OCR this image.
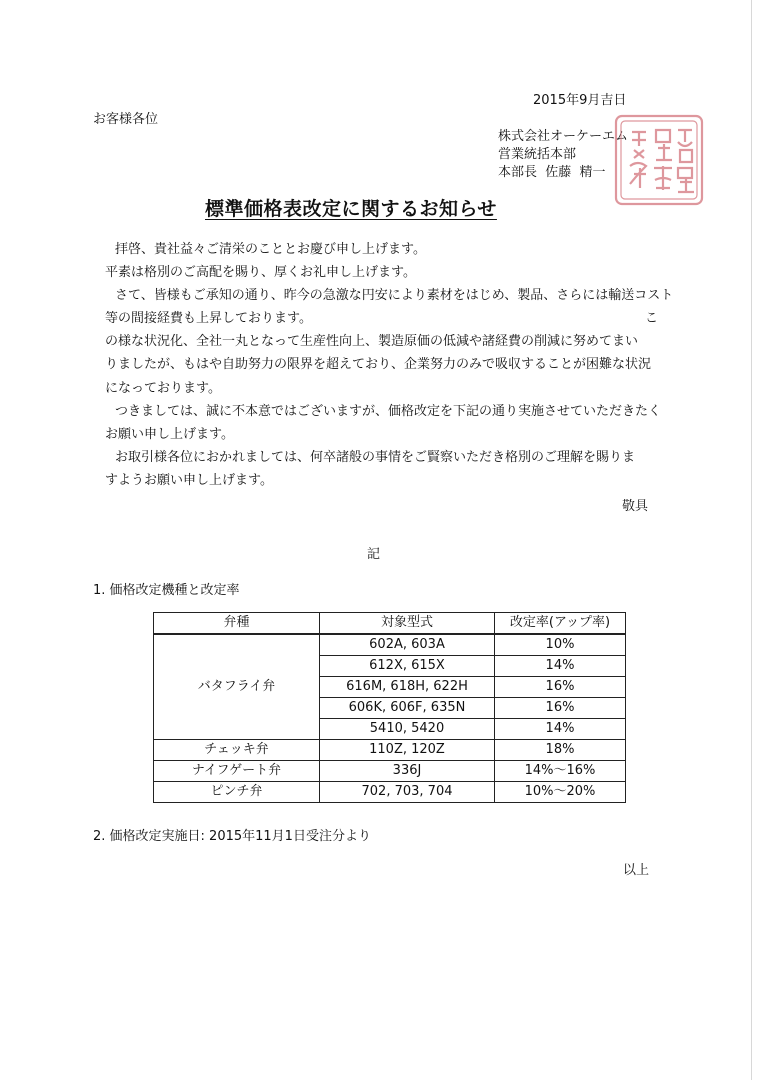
2015年9月吉日
お客様各位
株式会社オーケーエム
営業統括本部
本部長  佐藤  精一
標準価格表改定に関するお知らせ

拝啓、貴社益々ご清栄のこととお慶び申し上げます。

平素は格別のご高配を賜り、厚くお礼申し上げます。

さて、皆様もご承知の通り、昨今の急激な円安により素材をはじめ、製品、さらには輸送コスト

等の間接経費も上昇しております。	こ

の様な状況化、全社一丸となって生産性向上、製造原価の低減や諸経費の削減に努めてまい

りましたが、もはや自助努力の限界を超えており、企業努力のみで吸収することが困難な状況

になっております。

つきましては、誠に不本意ではございますが、価格改定を下記の通り実施させていただきたく

お願い申し上げます。

お取引様各位におかれましては、何卒諸般の事情をご賢察いただき格別のご理解を賜りま

すようお願い申し上げます。

敬具
記
1. 価格改定機種と改定率
弁種	対象型式	改定率(アップ率)
バタフライ弁	602A, 603A	10%
	612X, 615X	14%
	616M, 618H, 622H	16%
	606K, 606F, 635N	16%
	5410, 5420	14%
チェッキ弁	110Z, 120Z	18%
ナイフゲート弁	336J	14%〜16%
ピンチ弁	702, 703, 704	10%〜20%
2. 価格改定実施日: 2015年11月1日受注分より
以上
